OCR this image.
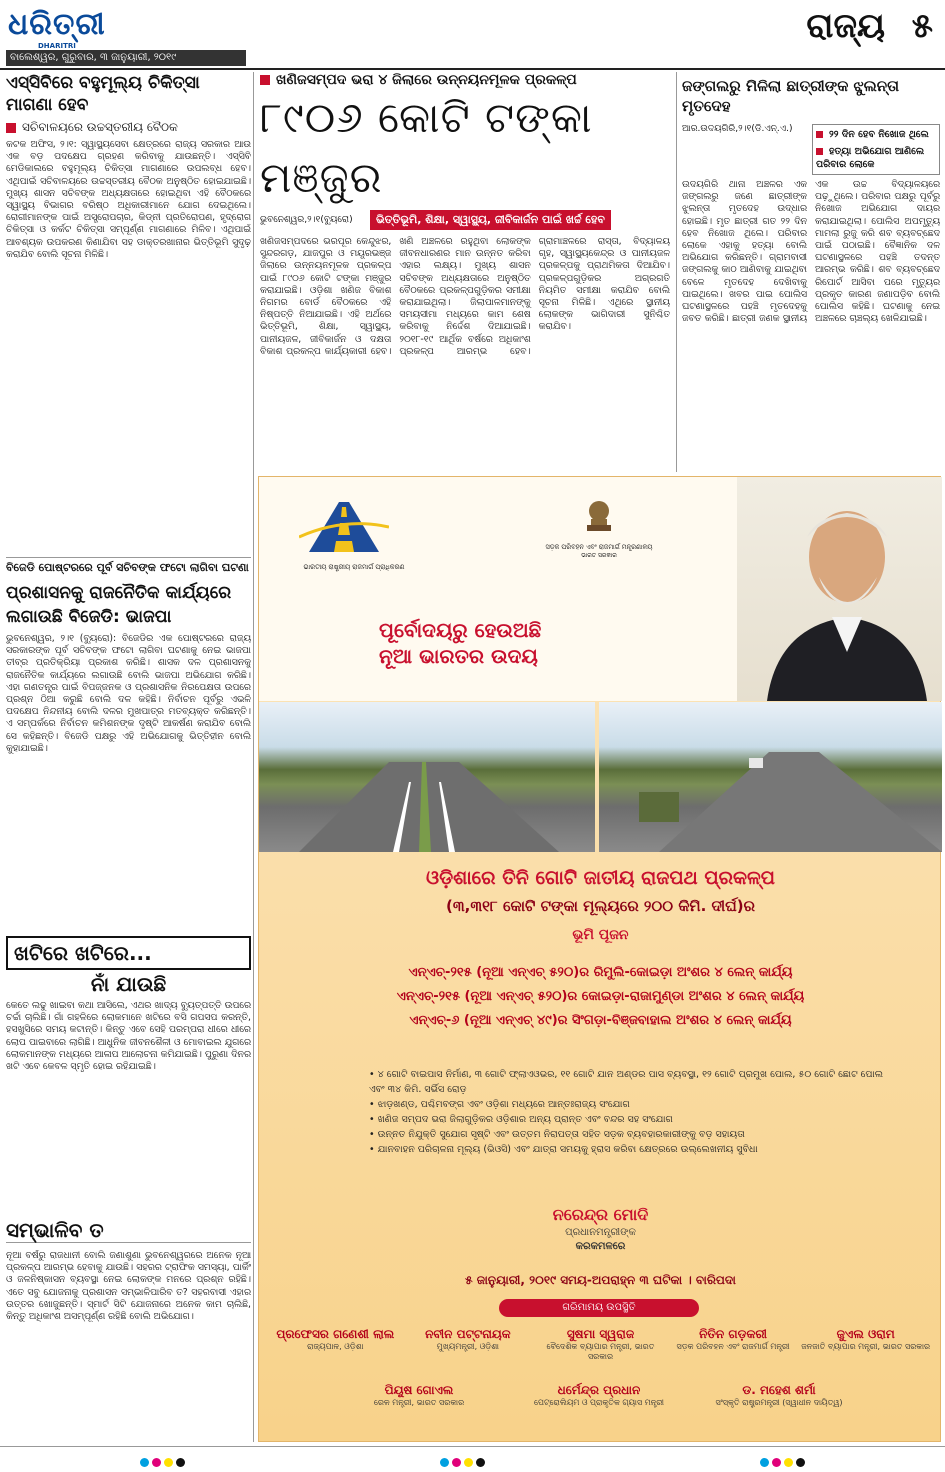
ଧରିତ୍ରୀ
DHARITRI
ବାଲେଶ୍ୱର, ଗୁରୁବାର, ୩ ଜାନୁୟାରୀ, ୨୦୧୯
ରାଜ୍ୟ ୫
ଏସ୍‌ସିବିରେ ବହୁମୂଲ୍ୟ ଚିକିତ୍ସା ମାଗଣା ହେବ
ସଚିବାଳୟରେ ଉଚ୍ଚସ୍ତରୀୟ ବୈଠକ
କଟକ ଅଫିସ, ୨।୧: ସ୍ୱାସ୍ଥ୍ୟସେବା କ୍ଷେତ୍ରରେ ରାଜ୍ୟ ସରକାର ଆଉ ଏକ ବଡ଼ ପଦକ୍ଷେପ ଗ୍ରହଣ କରିବାକୁ ଯାଉଛନ୍ତି। ଏସ୍‌ସିବି ମେଡିକାଲରେ ବହୁମୂଲ୍ୟ ଚିକିତ୍ସା ମାଗଣାରେ ଉପଲବ୍ଧ ହେବ। ଏଥିପାଇଁ ସଚିବାଳୟରେ ଉଚ୍ଚସ୍ତରୀୟ ବୈଠକ ଅନୁଷ୍ଠିତ ହୋଇଯାଇଛି। ମୁଖ୍ୟ ଶାସନ ସଚିବଙ୍କ ଅଧ୍ୟକ୍ଷତାରେ ହୋଇଥିବା ଏହି ବୈଠକରେ ସ୍ୱାସ୍ଥ୍ୟ ବିଭାଗର ବରିଷ୍ଠ ଅଧିକାରୀମାନେ ଯୋଗ ଦେଇଥିଲେ। ରୋଗୀମାନଙ୍କ ପାଇଁ ଅସ୍ତ୍ରୋପଚାର, କିଡ୍‌ନୀ ପ୍ରତିରୋପଣ, ହୃଦ୍‌ରୋଗ ଚିକିତ୍ସା ଓ କର୍କଟ ଚିକିତ୍ସା ସମ୍ପୂର୍ଣ୍ଣ ମାଗଣାରେ ମିଳିବ। ଏଥିପାଇଁ ଆବଶ୍ୟକ ଉପକରଣ କିଣାଯିବା ସହ ଡାକ୍ତରଖାନାର ଭିତ୍ତିଭୂମି ସୁଦୃଢ଼ କରାଯିବ ବୋଲି ସୂଚନା ମିଳିଛି।
ବିଜେଡି ପୋଷ୍ଟରରେ ପୂର୍ବ ସଚିବଙ୍କ ଫଟୋ ଲାଗିବା ଘଟଣା
ପ୍ରଶାସନକୁ ରାଜନୈତିକ କାର୍ଯ୍ୟରେ ଲଗାଉଛି ବିଜେଡି: ଭାଜପା
ଭୁବନେଶ୍ୱର, ୨।୧ (ବ୍ୟୁରୋ): ବିଜେଡିର ଏକ ପୋଷ୍ଟରରେ ରାଜ୍ୟ ସରକାରଙ୍କ ପୂର୍ବ ସଚିବଙ୍କ ଫଟୋ ଲାଗିବା ଘଟଣାକୁ ନେଇ ଭାଜପା ତୀବ୍ର ପ୍ରତିକ୍ରିୟା ପ୍ରକାଶ କରିଛି। ଶାସକ ଦଳ ପ୍ରଶାସନକୁ ରାଜନୈତିକ କାର୍ଯ୍ୟରେ ଲଗାଉଛି ବୋଲି ଭାଜପା ଅଭିଯୋଗ କରିଛି। ଏହା ଗଣତନ୍ତ୍ର ପାଇଁ ବିପଜ୍ଜନକ ଓ ପ୍ରଶାସନିକ ନିରପେକ୍ଷତା ଉପରେ ପ୍ରଶ୍ନ ଠିଆ କରୁଛି ବୋଲି ଦଳ କହିଛି। ନିର୍ବାଚନ ପୂର୍ବରୁ ଏଭଳି ପଦକ୍ଷେପ ନିନ୍ଦନୀୟ ବୋଲି ଦଳର ମୁଖପାତ୍ର ମତବ୍ୟକ୍ତ କରିଛନ୍ତି। ଏ ସମ୍ପର୍କରେ ନିର୍ବାଚନ କମିଶନଙ୍କ ଦୃଷ୍ଟି ଆକର୍ଷଣ କରାଯିବ ବୋଲି ସେ କହିଛନ୍ତି। ବିଜେଡି ପକ୍ଷରୁ ଏହି ଅଭିଯୋଗକୁ ଭିତ୍ତିହୀନ ବୋଲି କୁହାଯାଇଛି।
ଖଟିରେ ଖଟିରେ...
ନାଁ ଯାଉଛି
କେତେ ଲଢୁ ଖାଇବା କଥା ଆସିଲେ, ଏଥର ଖାଦ୍ୟ ବ୍ୟୁତ୍ପତ୍ତି ଉପରେ ଚର୍ଚ୍ଚା ଚାଲିଛି। ଗାଁ ଗହଳିରେ ଲୋକମାନେ ଖଟିରେ ବସି ଗପସପ କରନ୍ତି, ହସଖୁସିରେ ସମୟ କଟାନ୍ତି। କିନ୍ତୁ ଏବେ ସେହି ପରମ୍ପରା ଧୀରେ ଧୀରେ ଲୋପ ପାଇବାରେ ଲାଗିଛି। ଆଧୁନିକ ଜୀବନଶୈଳୀ ଓ ମୋବାଇଲ ଯୁଗରେ ଲୋକମାନଙ୍କ ମଧ୍ୟରେ ଆଳାପ ଆଲୋଚନା କମିଯାଇଛି। ପୁରୁଣା ଦିନର ଖଟି ଏବେ କେବଳ ସ୍ମୃତି ହୋଇ ରହିଯାଇଛି।
ସମ୍ଭାଳିବ ତ
ନୂଆ ବର୍ଷରୁ ରାଜଧାନୀ ବୋଲି ଜଣାଶୁଣା ଭୁବନେଶ୍ୱରରେ ଅନେକ ନୂଆ ପ୍ରକଳ୍ପ ଆରମ୍ଭ ହେବାକୁ ଯାଉଛି। ସହରର ଟ୍ରାଫିକ ସମସ୍ୟା, ପାର୍କିଂ ଓ ଜଳନିଷ୍କାସନ ବ୍ୟବସ୍ଥା ନେଇ ଲୋକଙ୍କ ମନରେ ପ୍ରଶ୍ନ ରହିଛି। ଏତେ ସବୁ ଯୋଜନାକୁ ପ୍ରଶାସନ ସମ୍ଭାଳିପାରିବ ତ? ସହରବାସୀ ଏହାର ଉତ୍ତର ଖୋଜୁଛନ୍ତି। ସ୍ମାର୍ଟ ସିଟି ଯୋଜନାରେ ଅନେକ କାମ ଚାଲିଛି, କିନ୍ତୁ ଅଧିକାଂଶ ଅସମ୍ପୂର୍ଣ୍ଣ ରହିଛି ବୋଲି ଅଭିଯୋଗ।
ଖଣିଜସମ୍ପଦ ଭରା ୪ ଜିଲାରେ ଉନ୍ନୟନମୂଳକ ପ୍ରକଳ୍ପ
୮୯୦୬ କୋଟି ଟଙ୍କା ମଞ୍ଜୁର
ଭୁବନେଶ୍ୱର,୨।୧(ବ୍ୟୁରୋ)	ଭିତ୍ତିଭୂମି, ଶିକ୍ଷା, ସ୍ୱାସ୍ଥ୍ୟ, ଜୀବିକାର୍ଜନ ପାଇଁ ଖର୍ଚ୍ଚ ହେବ
ଖଣିଜସମ୍ପଦରେ ଭରପୂର କେନ୍ଦୁଝର, ସୁନ୍ଦରଗଡ଼, ଯାଜପୁର ଓ ମୟୂରଭଞ୍ଜ ଜିଲାରେ ଉନ୍ନୟନମୂଳକ ପ୍ରକଳ୍ପ ପାଇଁ ୮୯୦୬ କୋଟି ଟଙ୍କା ମଞ୍ଜୁର କରାଯାଇଛି। ଓଡ଼ିଶା ଖଣିଜ ବିକାଶ ନିଗମର ବୋର୍ଡ ବୈଠକରେ ଏହି ନିଷ୍ପତ୍ତି ନିଆଯାଇଛି। ଏହି ଅର୍ଥରେ ଭିତ୍ତିଭୂମି, ଶିକ୍ଷା, ସ୍ୱାସ୍ଥ୍ୟ, ପାନୀୟଜଳ, ଜୀବିକାର୍ଜନ ଓ ଦକ୍ଷତା ବିକାଶ ପ୍ରକଳ୍ପ କାର୍ଯ୍ୟକାରୀ ହେବ। ଖଣି ଅଞ୍ଚଳରେ ରହୁଥିବା ଲୋକଙ୍କ ଜୀବନଧାରଣର ମାନ ଉନ୍ନତ କରିବା ଏହାର ଲକ୍ଷ୍ୟ। ମୁଖ୍ୟ ଶାସନ ସଚିବଙ୍କ ଅଧ୍ୟକ୍ଷତାରେ ଅନୁଷ୍ଠିତ ବୈଠକରେ ପ୍ରକଳ୍ପଗୁଡ଼ିକର ସମୀକ୍ଷା କରାଯାଇଥିଲା। ଜିଲାପାଳମାନଙ୍କୁ ସମୟସୀମା ମଧ୍ୟରେ କାମ ଶେଷ କରିବାକୁ ନିର୍ଦ୍ଦେଶ ଦିଆଯାଇଛି। ୨୦୧୮-୧୯ ଆର୍ଥିକ ବର୍ଷରେ ଅଧିକାଂଶ ପ୍ରକଳ୍ପ ଆରମ୍ଭ ହେବ। ଗ୍ରାମାଞ୍ଚଳରେ ରାସ୍ତା, ବିଦ୍ୟାଳୟ ଗୃହ, ସ୍ୱାସ୍ଥ୍ୟକେନ୍ଦ୍ର ଓ ପାନୀୟଜଳ ପ୍ରକଳ୍ପକୁ ପ୍ରାଥମିକତା ଦିଆଯିବ। ପ୍ରକଳ୍ପଗୁଡ଼ିକର ଅଗ୍ରଗତି ନିୟମିତ ସମୀକ୍ଷା କରାଯିବ ବୋଲି ସୂଚନା ମିଳିଛି। ଏଥିରେ ସ୍ଥାନୀୟ ଲୋକଙ୍କ ଭାଗିଦାରୀ ସୁନିଶ୍ଚିତ କରାଯିବ।
ଜଙ୍ଗଲରୁ ମିଳିଲା ଛାତ୍ରୀଙ୍କ ଝୁଲନ୍ତା ମୃତଦେହ
ଆର.ଉଦୟଗିରି,୨।୧(ଡି.ଏନ୍‌.ଏ.)	୨୨ ଦିନ ହେବ ନିଖୋଜ ଥିଲେ
ହତ୍ୟା ଅଭିଯୋଗ ଆଣିଲେ ପରିବାର ଲୋକେ
ଉଦୟଗିରି ଥାନା ଅଞ୍ଚଳର ଏକ ଜଙ୍ଗଲରୁ ଜଣେ ଛାତ୍ରୀଙ୍କ ଝୁଲନ୍ତା ମୃତଦେହ ଉଦ୍ଧାର ହୋଇଛି। ମୃତ ଛାତ୍ରୀ ଗତ ୨୨ ଦିନ ହେବ ନିଖୋଜ ଥିଲେ। ପରିବାର ଲୋକେ ଏହାକୁ ହତ୍ୟା ବୋଲି ଅଭିଯୋଗ କରିଛନ୍ତି। ଗ୍ରାମବାସୀ ଜଙ୍ଗଲକୁ କାଠ ଆଣିବାକୁ ଯାଇଥିବା ବେଳେ ମୃତଦେହ ଦେଖିବାକୁ ପାଇଥିଲେ। ଖବର ପାଇ ପୋଲିସ ଘଟଣାସ୍ଥଳରେ ପହଞ୍ଚି ମୃତଦେହକୁ ଜବତ କରିଛି। ଛାତ୍ରୀ ଜଣକ ସ୍ଥାନୀୟ ଏକ ଉଚ୍ଚ ବିଦ୍ୟାଳୟରେ ପଢ଼ୁଥିଲେ। ପରିବାର ପକ୍ଷରୁ ପୂର୍ବରୁ ନିଖୋଜ ଅଭିଯୋଗ ଦାୟର କରାଯାଇଥିଲା। ପୋଲିସ ଅପମୃତ୍ୟୁ ମାମଲା ରୁଜୁ କରି ଶବ ବ୍ୟବଚ୍ଛେଦ ପାଇଁ ପଠାଇଛି। ବୈଜ୍ଞାନିକ ଦଳ ଘଟଣାସ୍ଥଳରେ ପହଞ୍ଚି ତଦନ୍ତ ଆରମ୍ଭ କରିଛି। ଶବ ବ୍ୟବଚ୍ଛେଦ ରିପୋର୍ଟ ଆସିବା ପରେ ମୃତ୍ୟୁର ପ୍ରକୃତ କାରଣ ଜଣାପଡ଼ିବ ବୋଲି ପୋଲିସ କହିଛି। ଘଟଣାକୁ ନେଇ ଅଞ୍ଚଳରେ ଚାଞ୍ଚଲ୍ୟ ଖେଳିଯାଇଛି।
ଭାରତୀୟ ରାଷ୍ଟ୍ରୀୟ ରାଜମାର୍ଗ ପ୍ରାଧିକରଣ
ସଡ଼କ ପରିବହନ ଏବଂ ରାଜମାର୍ଗ ମନ୍ତ୍ରଣାଳୟ
ଭାରତ ସରକାର
ପୂର୍ବୋଦୟରୁ ହେଉଅଛି
ନୂଆ ଭାରତର ଉଦୟ
ଓଡ଼ିଶାରେ ତିନି ଗୋଟି ଜାତୀୟ ରାଜପଥ ପ୍ରକଳ୍ପ
(୩,୩୧୮ କୋଟି ଟଙ୍କା ମୂଲ୍ୟରେ ୨୦୦ କିମି. ଦୀର୍ଘ)ର
ଭୂମି ପୂଜନ
ଏନ୍‌ଏଚ୍‌-୨୧୫ (ନୂଆ ଏନ୍‌ଏଚ୍‌ ୫୨୦)ର ରିମୁଲି-କୋଇଡ଼ା ଅଂଶର ୪ ଲେନ୍ କାର୍ଯ୍ୟ
ଏନ୍‌ଏଚ୍‌-୨୧୫ (ନୂଆ ଏନ୍‌ଏଚ୍‌ ୫୨୦)ର କୋଇଡ଼ା-ରାଜାମୁଣ୍ଡା ଅଂଶର ୪ ଲେନ୍ କାର୍ଯ୍ୟ
ଏନ୍‌ଏଚ୍‌-୬ (ନୂଆ ଏନ୍‌ଏଚ୍‌ ୪୯)ର ସିଂଗଡ଼ା-ବିଞ୍ଜବାହାଲ ଅଂଶର ୪ ଲେନ୍ କାର୍ଯ୍ୟ
• ୪ ଗୋଟି ବାଇପାସ ନିର୍ମାଣ, ୩ ଗୋଟି ଫ୍ଲାଏଓଭର, ୧୧ ଗୋଟି ଯାନ ଅଣ୍ଡର ପାସ ବ୍ୟବସ୍ଥା, ୧୨ ଗୋଟି ପ୍ରମୁଖ ପୋଲ, ୫୦ ଗୋଟି ଛୋଟ ପୋଲ ଏବଂ ୩୪ କିମି. ସର୍ଭିସ ରୋଡ଼
• ଝାଡ଼ଖଣ୍ଡ, ପଶ୍ଚିମବଙ୍ଗ ଏବଂ ଓଡ଼ିଶା ମଧ୍ୟରେ ଆନ୍ତଃରାଜ୍ୟ ସଂଯୋଗ
• ଖଣିଜ ସମ୍ପଦ ଭରା ଜିଲାଗୁଡ଼ିକର ଓଡ଼ିଶାର ଅନ୍ୟ ପ୍ରାନ୍ତ ଏବଂ ବନ୍ଦର ସହ ସଂଯୋଗ
• ଉନ୍ନତ ନିଯୁକ୍ତି ସୁଯୋଗ ସୃଷ୍ଟି ଏବଂ ଉତ୍ତମ ନିରାପତ୍ତା ସହିତ ସଡ଼କ ବ୍ୟବହାରକାରୀଙ୍କୁ ବଡ଼ ସହାୟତା
• ଯାନବାହନ ପରିଚାଳନା ମୂଲ୍ୟ (ଭିଓସି) ଏବଂ ଯାତ୍ରା ସମୟକୁ ହ୍ରାସ କରିବା କ୍ଷେତ୍ରରେ ଉଲ୍ଲେଖନୀୟ ସୁବିଧା
ନରେନ୍ଦ୍ର ମୋଦି
ପ୍ରଧାନମନ୍ତ୍ରୀଙ୍କ
କରକମଳରେ
୫ ଜାନୁୟାରୀ, ୨୦୧୯ ସମୟ-ଅପରାହ୍ନ ୩ ଘଟିକା । ବାରିପଦା
ଗରିମାମୟ ଉପସ୍ଥିତି
ପ୍ରଫେସର ଗଣେଶୀ ଲାଲ
ରାଜ୍ୟପାଳ, ଓଡ଼ିଶା
ନବୀନ ପଟ୍ଟନାୟକ
ମୁଖ୍ୟମନ୍ତ୍ରୀ, ଓଡ଼ିଶା
ସୁଷମା ସ୍ୱରାଜ
ବୈଦେଶିକ ବ୍ୟାପାର ମନ୍ତ୍ରୀ, ଭାରତ ସରକାର
ନିତିନ ଗଡ଼କରୀ
ସଡ଼କ ପରିବହନ ଏବଂ ରାଜମାର୍ଗ ମନ୍ତ୍ରୀ
ଜୁଏଲ ଓରାମ
ଜନଜାତି ବ୍ୟାପାର ମନ୍ତ୍ରୀ, ଭାରତ ସରକାର
ପିୟୂଷ ଗୋଏଲ
ରେଳ ମନ୍ତ୍ରୀ, ଭାରତ ସରକାର
ଧର୍ମେନ୍ଦ୍ର ପ୍ରଧାନ
ପେଟ୍ରୋଲିୟମ ଓ ପ୍ରାକୃତିକ ଗ୍ୟାସ ମନ୍ତ୍ରୀ
ଡ. ମହେଶ ଶର୍ମା
ସଂସ୍କୃତି ରାଷ୍ଟ୍ରମନ୍ତ୍ରୀ (ସ୍ୱାଧୀନ ଦାୟିତ୍ୱ)
